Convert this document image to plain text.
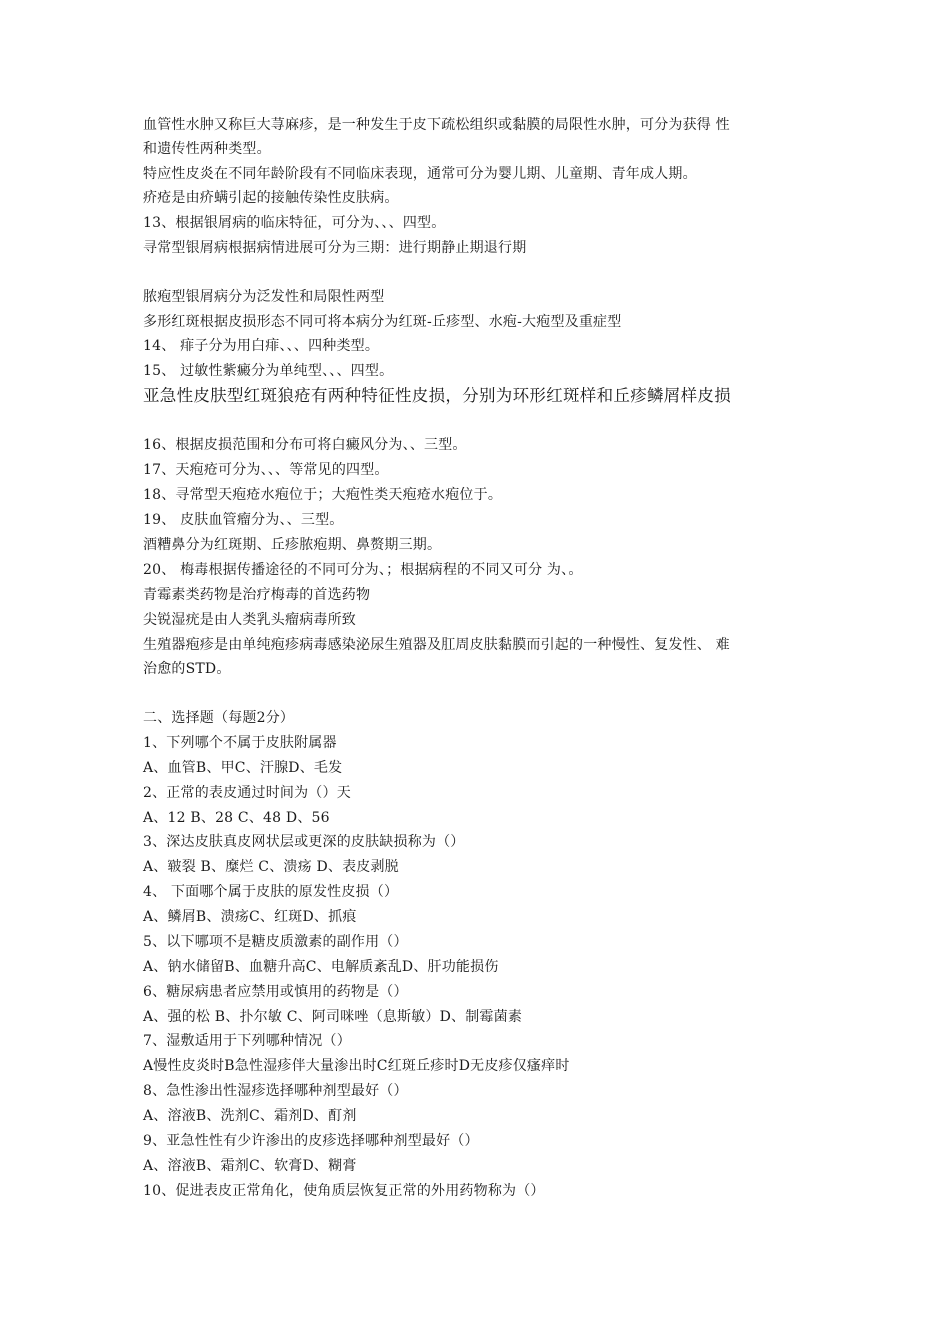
血管性水肿又称巨大荨麻疹，是一种发生于皮下疏松组织或黏膜的局限性水肿，可分为获得 性
和遗传性两种类型。
特应性皮炎在不同年龄阶段有不同临床表现，通常可分为婴儿期、儿童期、青年成人期。
疥疮是由疥螨引起的接触传染性皮肤病。
13、根据银屑病的临床特征，可分为、、、四型。
寻常型银屑病根据病情进展可分为三期：进行期静止期退行期
脓疱型银屑病分为泛发性和局限性两型
多形红斑根据皮损形态不同可将本病分为红斑-丘疹型、水疱-大疱型及重症型
14、 痱子分为用白痱、、、四种类型。
15、 过敏性紫癜分为单纯型、、、四型。
亚急性皮肤型红斑狼疮有两种特征性皮损，分别为环形红斑样和丘疹鳞屑样皮损
16、根据皮损范围和分布可将白癜风分为、、三型。
17、天疱疮可分为、、、等常见的四型。
18、寻常型天疱疮水疱位于；大疱性类天疱疮水疱位于。
19、 皮肤血管瘤分为、、三型。
酒糟鼻分为红斑期、丘疹脓疱期、鼻赘期三期。
20、 梅毒根据传播途径的不同可分为、；根据病程的不同又可分 为、。
青霉素类药物是治疗梅毒的首选药物
尖锐湿疣是由人类乳头瘤病毒所致
生殖器疱疹是由单纯疱疹病毒感染泌尿生殖器及肛周皮肤黏膜而引起的一种慢性、复发性、 难
治愈的STD。
二、选择题（每题2分）
1、下列哪个不属于皮肤附属器
A、血管B、甲C、汗腺D、毛发
2、正常的表皮通过时间为（）天
A、12 B、28 C、48 D、56
3、深达皮肤真皮网状层或更深的皮肤缺损称为（）
A、皲裂 B、糜烂 C、溃疡 D、表皮剥脱
4、 下面哪个属于皮肤的原发性皮损（）
A、鳞屑B、溃疡C、红斑D、抓痕
5、以下哪项不是糖皮质激素的副作用（）
A、钠水储留B、血糖升高C、电解质紊乱D、肝功能损伤
6、糖尿病患者应禁用或慎用的药物是（）
A、强的松 B、扑尔敏 C、阿司咪唑（息斯敏）D、制霉菌素
7、湿敷适用于下列哪种情况（）
A慢性皮炎时B急性湿疹伴大量渗出时C红斑丘疹时D无皮疹仅瘙痒时
8、急性渗出性湿疹选择哪种剂型最好（）
A、溶液B、洗剂C、霜剂D、酊剂
9、亚急性性有少许渗出的皮疹选择哪种剂型最好（）
A、溶液B、霜剂C、软膏D、糊膏
10、促进表皮正常角化，使角质层恢复正常的外用药物称为（）
